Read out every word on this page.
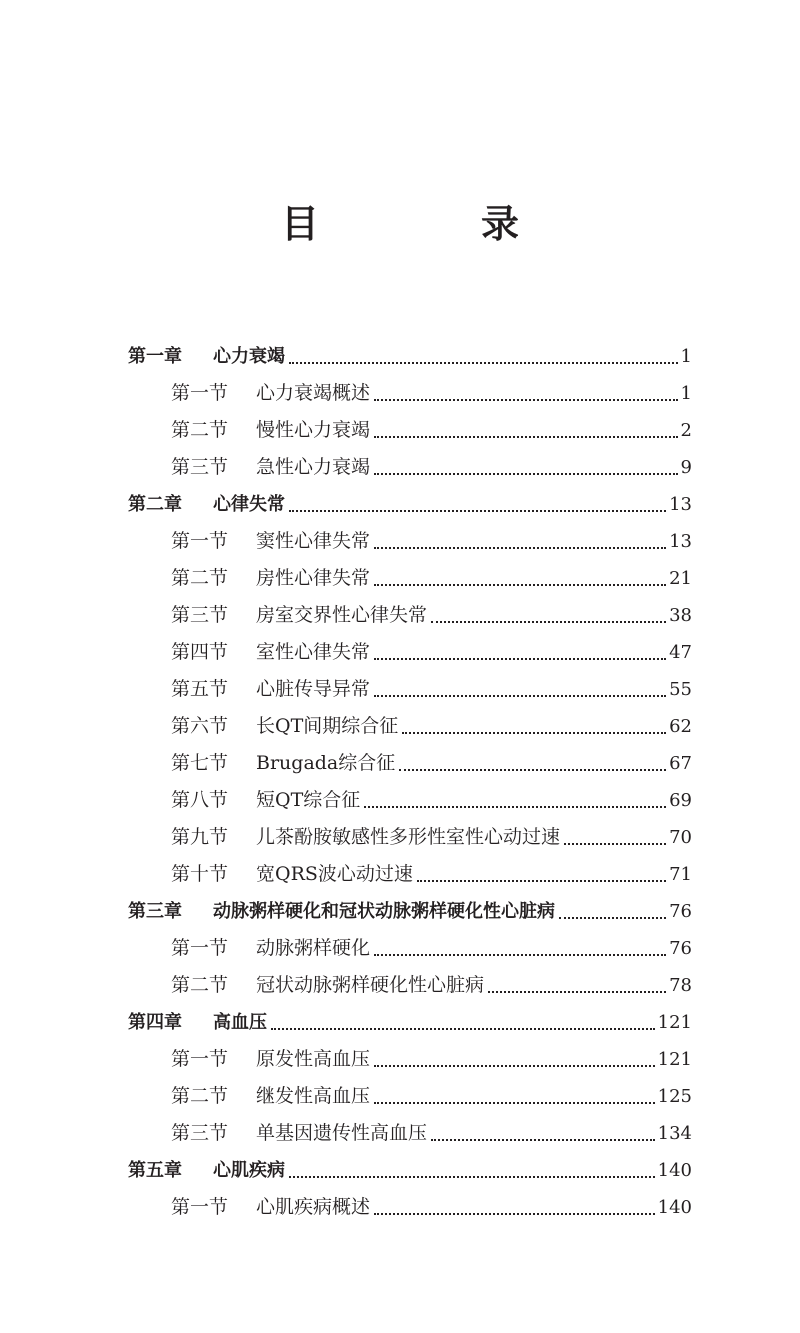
目　录
第一章 心力衰竭	1
第一节 心力衰竭概述	1
第二节 慢性心力衰竭	2
第三节 急性心力衰竭	9
第二章 心律失常	13
第一节 窦性心律失常	13
第二节 房性心律失常	21
第三节 房室交界性心律失常	38
第四节 室性心律失常	47
第五节 心脏传导异常	55
第六节 长QT间期综合征	62
第七节 Brugada综合征	67
第八节 短QT综合征	69
第九节 儿茶酚胺敏感性多形性室性心动过速	70
第十节 宽QRS波心动过速	71
第三章 动脉粥样硬化和冠状动脉粥样硬化性心脏病	76
第一节 动脉粥样硬化	76
第二节 冠状动脉粥样硬化性心脏病	78
第四章 高血压	121
第一节 原发性高血压	121
第二节 继发性高血压	125
第三节 单基因遗传性高血压	134
第五章 心肌疾病	140
第一节 心肌疾病概述	140
